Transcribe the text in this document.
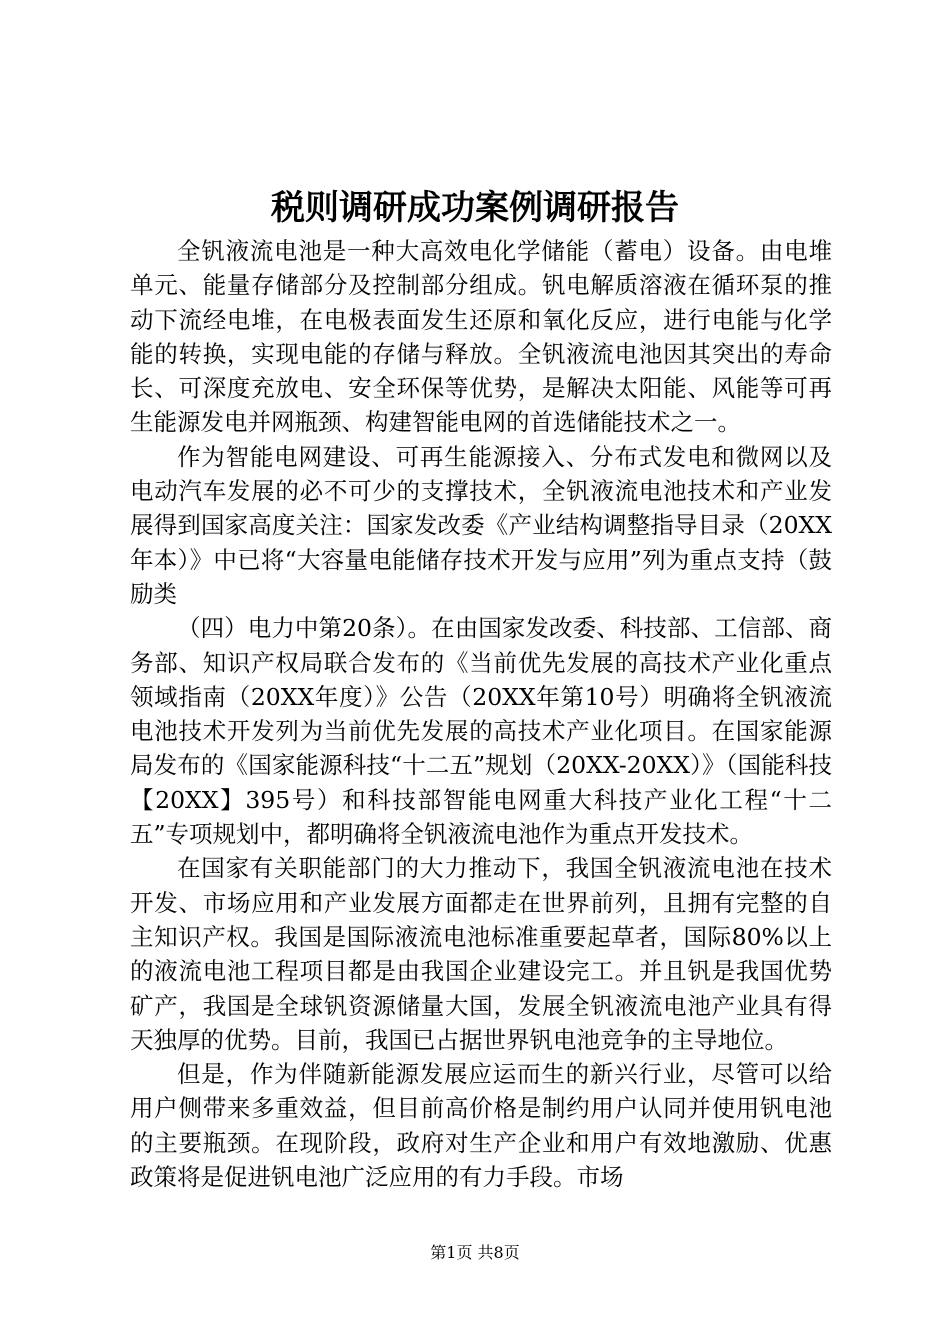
税则调研成功案例调研报告

全钒液流电池是一种大高效电化学储能（蓄电）设备。由电堆单元、能量存储部分及控制部分组成。钒电解质溶液在循环泵的推动下流经电堆，在电极表面发生还原和氧化反应，进行电能与化学能的转换，实现电能的存储与释放。全钒液流电池因其突出的寿命长、可深度充放电、安全环保等优势，是解决太阳能、风能等可再生能源发电并网瓶颈、构建智能电网的首选储能技术之一。

作为智能电网建设、可再生能源接入、分布式发电和微网以及电动汽车发展的必不可少的支撑技术，全钒液流电池技术和产业发展得到国家高度关注：国家发改委《产业结构调整指导目录（20XX年本）》中已将“大容量电能储存技术开发与应用”列为重点支持（鼓励类

（四）电力中第20条）。在由国家发改委、科技部、工信部、商务部、知识产权局联合发布的《当前优先发展的高技术产业化重点领域指南（20XX年度）》公告（20XX年第10号）明确将全钒液流电池技术开发列为当前优先发展的高技术产业化项目。在国家能源局发布的《国家能源科技“十二五”规划（20XX-20XX）》（国能科技【20XX】395号）和科技部智能电网重大科技产业化工程“十二五”专项规划中，都明确将全钒液流电池作为重点开发技术。

在国家有关职能部门的大力推动下，我国全钒液流电池在技术开发、市场应用和产业发展方面都走在世界前列，且拥有完整的自主知识产权。我国是国际液流电池标准重要起草者，国际80%以上的液流电池工程项目都是由我国企业建设完工。并且钒是我国优势矿产，我国是全球钒资源储量大国，发展全钒液流电池产业具有得天独厚的优势。目前，我国已占据世界钒电池竞争的主导地位。

但是，作为伴随新能源发展应运而生的新兴行业，尽管可以给用户侧带来多重效益，但目前高价格是制约用户认同并使用钒电池的主要瓶颈。在现阶段，政府对生产企业和用户有效地激励、优惠政策将是促进钒电池广泛应用的有力手段。市场

第1页 共8页
